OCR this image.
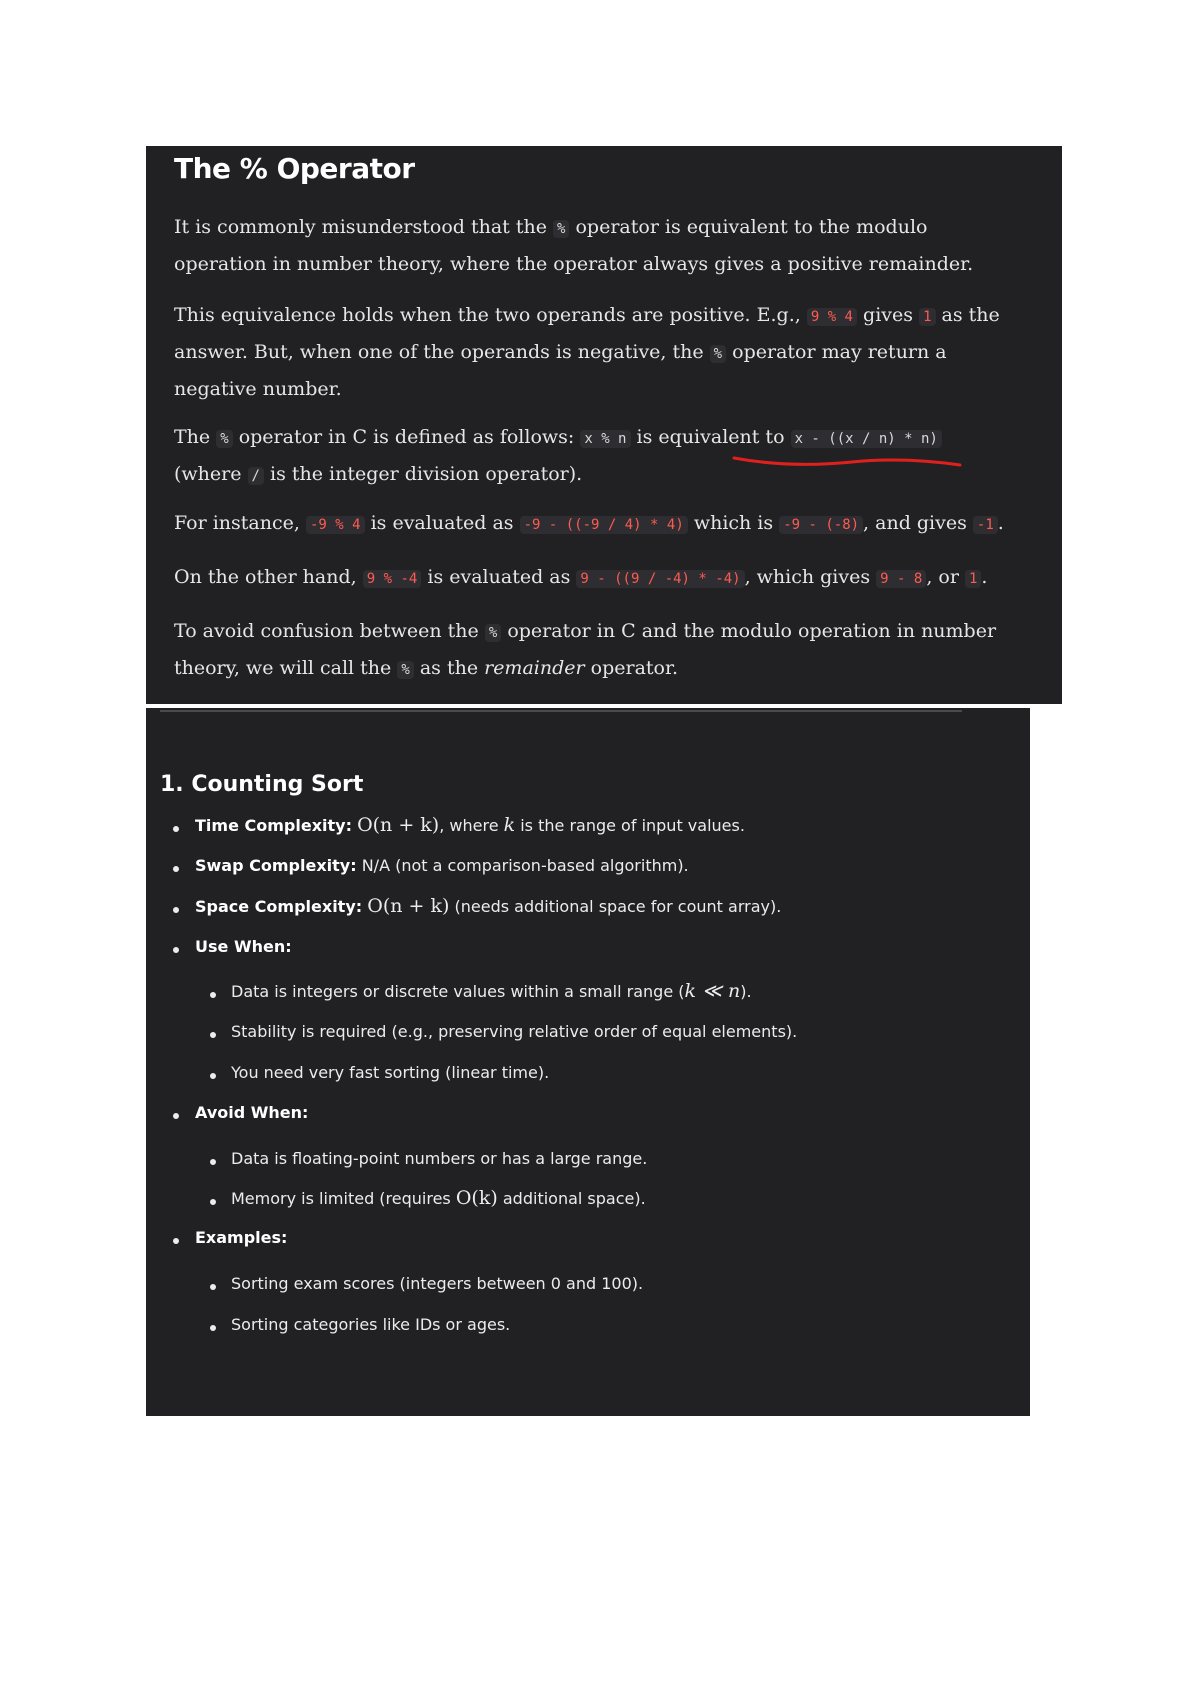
The % Operator

It is commonly misunderstood that the % operator is equivalent to the modulo operation in number theory, where the operator always gives a positive remainder.

This equivalence holds when the two operands are positive. E.g., 9 % 4 gives 1 as the answer. But, when one of the operands is negative, the % operator may return a negative number.

The % operator in C is defined as follows: x % n is equivalent to x - ((x / n) * n) (where / is the integer division operator).

For instance, -9 % 4 is evaluated as -9 - ((-9 / 4) * 4) which is -9 - (-8) , and gives -1 .

On the other hand, 9 % -4 is evaluated as 9 - ((9 / -4) * -4) , which gives 9 - 8 , or 1 .

To avoid confusion between the % operator in C and the modulo operation in number theory, we will call the % as the remainder operator.

1. Counting Sort
Time Complexity: O(n + k), where k is the range of input values.
Swap Complexity: N/A (not a comparison-based algorithm).
Space Complexity: O(n + k) (needs additional space for count array).
Use When:
Data is integers or discrete values within a small range (k ≪ n).
Stability is required (e.g., preserving relative order of equal elements).
You need very fast sorting (linear time).
Avoid When:
Data is floating-point numbers or has a large range.
Memory is limited (requires O(k) additional space).
Examples:
Sorting exam scores (integers between 0 and 100).
Sorting categories like IDs or ages.
